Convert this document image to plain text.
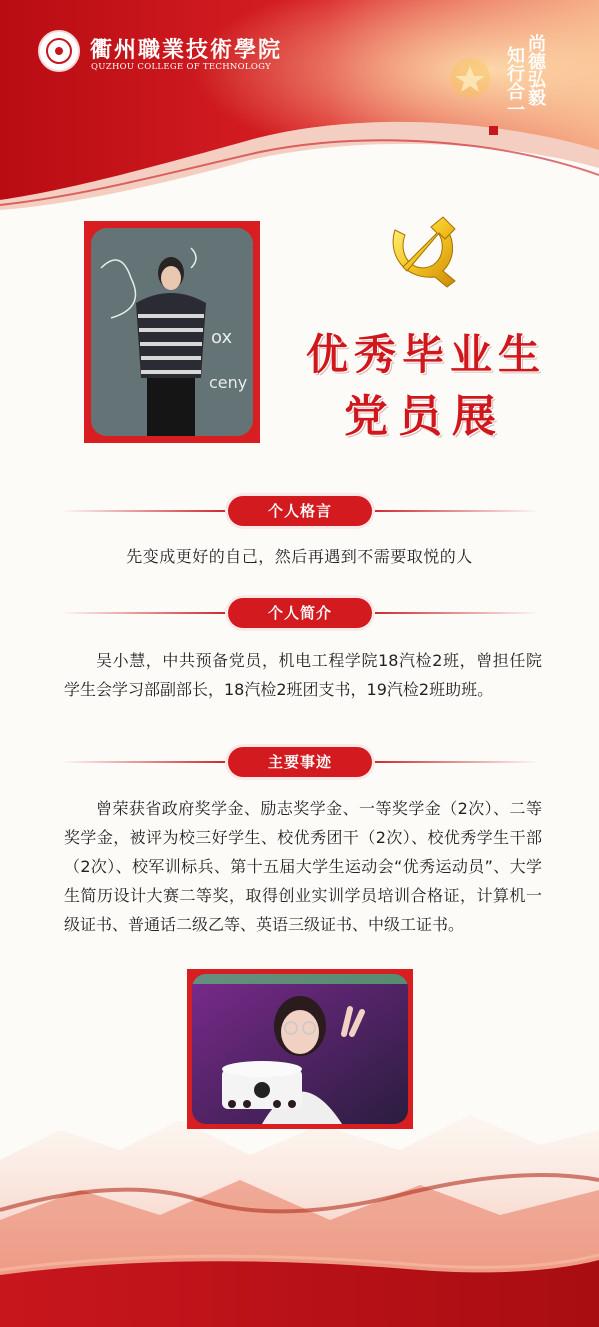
衢州職業技術學院
QUZHOU COLLEGE OF TECHNOLOGY	尚德弘毅
知行合一
ox
ceny
优秀毕业生
党员展
个人格言
先变成更好的自己，然后再遇到不需要取悦的人
个人简介
吴小慧，中共预备党员，机电工程学院18汽检2班，曾担任院学生会学习部副部长，18汽检2班团支书，19汽检2班助班。
主要事迹
曾荣获省政府奖学金、励志奖学金、一等奖学金（2次）、二等奖学金，被评为校三好学生、校优秀团干（2次）、校优秀学生干部（2次）、校军训标兵、第十五届大学生运动会“优秀运动员”、大学生简历设计大赛二等奖，取得创业实训学员培训合格证，计算机一级证书、普通话二级乙等、英语三级证书、中级工证书。
